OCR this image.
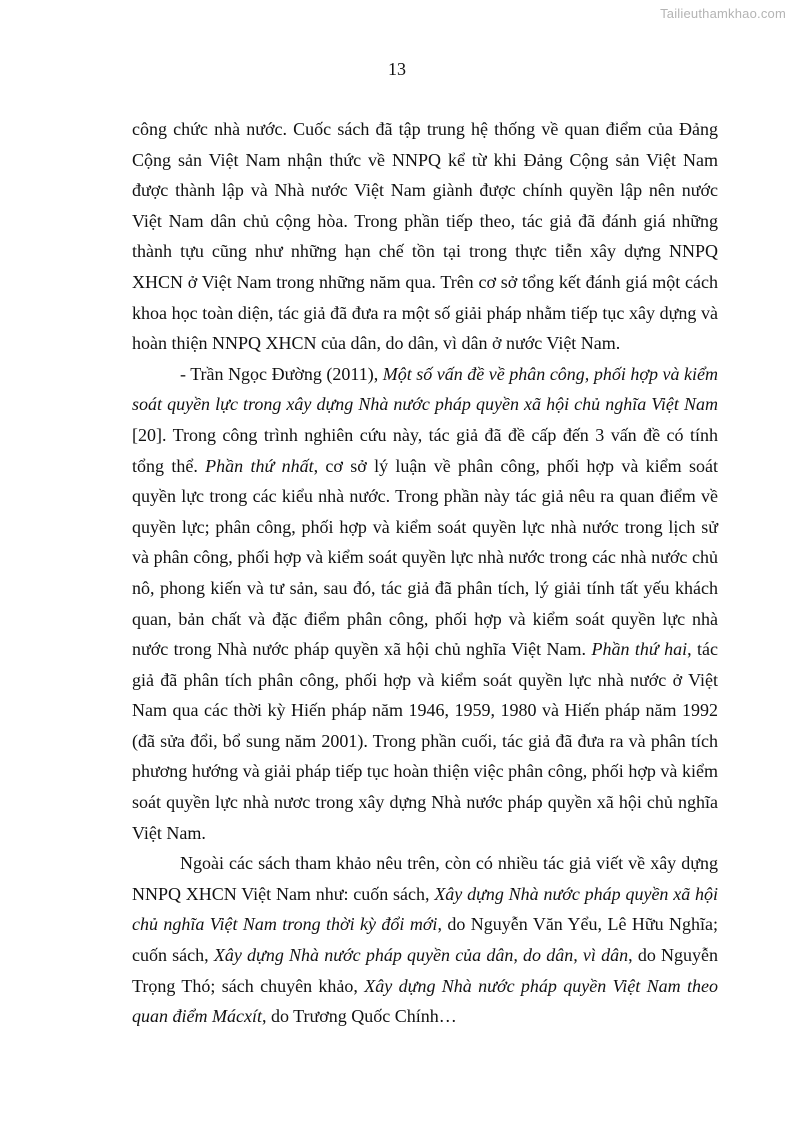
Tailieuthamkhao.com
13

công chức nhà nước. Cuốc sách đã tập trung hệ thống về quan điểm của Đảng Cộng sản Việt Nam nhận thức về NNPQ kể từ khi Đảng Cộng sản Việt Nam được thành lập và Nhà nước Việt Nam giành được chính quyền lập nên nước Việt Nam dân chủ cộng hòa. Trong phần tiếp theo, tác giả đã đánh giá những thành tựu cũng như những hạn chế tồn tại trong thực tiễn xây dựng NNPQ XHCN ở Việt Nam trong những năm qua. Trên cơ sở tổng kết đánh giá một cách khoa học toàn diện, tác giả đã đưa ra một số giải pháp nhằm tiếp tục xây dựng và hoàn thiện NNPQ XHCN của dân, do dân, vì dân ở nước Việt Nam.

- Trần Ngọc Đường (2011), Một số vấn đề về phân công, phối hợp và kiểm soát quyền lực trong xây dựng Nhà nước pháp quyền xã hội chủ nghĩa Việt Nam [20]. Trong công trình nghiên cứu này, tác giả đã đề cấp đến 3 vấn đề có tính tổng thể. Phần thứ nhất, cơ sở lý luận về phân công, phối hợp và kiểm soát quyền lực trong các kiểu nhà nước. Trong phần này tác giả nêu ra quan điểm về quyền lực; phân công, phối hợp và kiểm soát quyền lực nhà nước trong lịch sử và phân công, phối hợp và kiểm soát quyền lực nhà nước trong các nhà nước chủ nô, phong kiến và tư sản, sau đó, tác giả đã phân tích, lý giải tính tất yếu khách quan, bản chất và đặc điểm phân công, phối hợp và kiểm soát quyền lực nhà nước trong Nhà nước pháp quyền xã hội chủ nghĩa Việt Nam. Phần thứ hai, tác giả đã phân tích phân công, phối hợp và kiểm soát quyền lực nhà nước ở Việt Nam qua các thời kỳ Hiến pháp năm 1946, 1959, 1980 và Hiến pháp năm 1992 (đã sửa đổi, bổ sung năm 2001). Trong phần cuối, tác giả đã đưa ra và phân tích phương hướng và giải pháp tiếp tục hoàn thiện việc phân công, phối hợp và kiểm soát quyền lực nhà nươc trong xây dựng Nhà nước pháp quyền xã hội chủ nghĩa Việt Nam.

Ngoài các sách tham khảo nêu trên, còn có nhiều tác giả viết về xây dựng NNPQ XHCN Việt Nam như: cuốn sách, Xây dựng Nhà nước pháp quyền xã hội chủ nghĩa Việt Nam trong thời kỳ đổi mới, do Nguyễn Văn Yểu, Lê Hữu Nghĩa; cuốn sách, Xây dựng Nhà nước pháp quyền của dân, do dân, vì dân, do Nguyễn Trọng Thó; sách chuyên khảo, Xây dựng Nhà nước pháp quyền Việt Nam theo quan điểm Mácxít, do Trương Quốc Chính…
